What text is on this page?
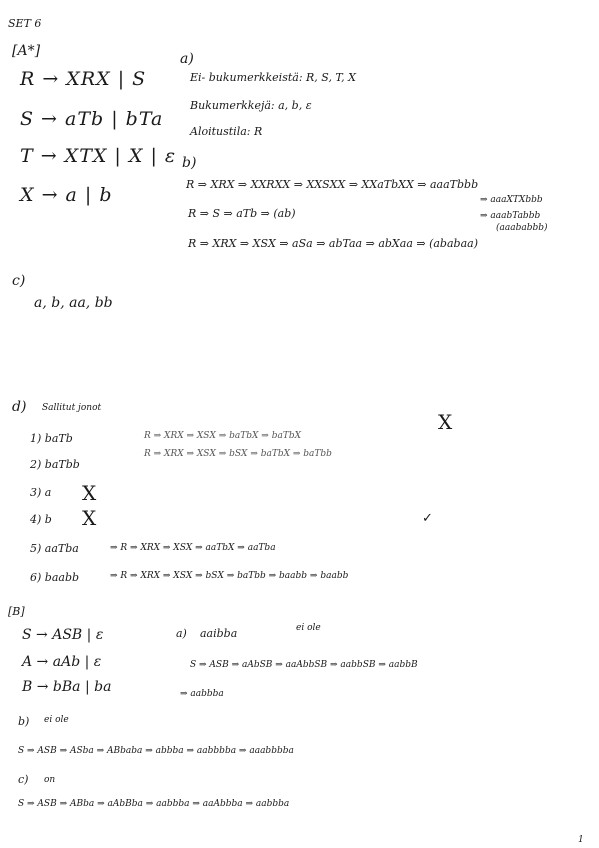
SET 6
[A*]
R → XRX | S
S → aTb | bTa
T → XTX | X | ε
X → a | b
a)
Ei- bukumerkkeistä: R, S, T, X
Bukumerkkejä: a, b, ε
Aloitustila: R
b)
R ⇒ XRX ⇒ XXRXX ⇒ XXSXX ⇒ XXaTbXX ⇒ aaaTbbb
⇒ aaaXTXbbb
⇒ aaabTabbb
(aaababbb)
R ⇒ S ⇒ aTb ⇒ (ab)
R ⇒ XRX ⇒ XSX ⇒ aSa ⇒ abTaa ⇒ abXaa ⇒ (ababaa)
c)
a, b, aa, bb
d) Sallitut jonot
1) baTb	R ⇒ XRX ⇒ XSX ⇒ baTbX ⇒ baTbX
X
2) baTbb
R ⇒ XRX ⇒ XSX ⇒ bSX ⇒ baTbX ⇒ baTbb
3) a X
4) b X
5) aaTba	⇒ R ⇒ XRX ⇒ XSX ⇒ aaTbX ⇒ aaTba
✓
6) baabb	⇒ R ⇒ XRX ⇒ XSX ⇒ bSX ⇒ baTbb ⇒ baabb ⇒ baabb
[B]
S → ASB | ε
A → aAb | ε
B → bBa | ba
a) aaibba	ei ole
S ⇒ ASB ⇒ aAbSB ⇒ aaAbbSB ⇒ aabbSB ⇒ aabbB
⇒ aabbba
b) ei ole
S ⇒ ASB ⇒ ASba ⇒ ABbaba ⇒ abbba ⇒ aabbbba ⇒ aaabbbba
c) on
S ⇒ ASB ⇒ ABba ⇒ aAbBba ⇒ aabbba ⇒ aaAbbba ⇒ aabbba
1
